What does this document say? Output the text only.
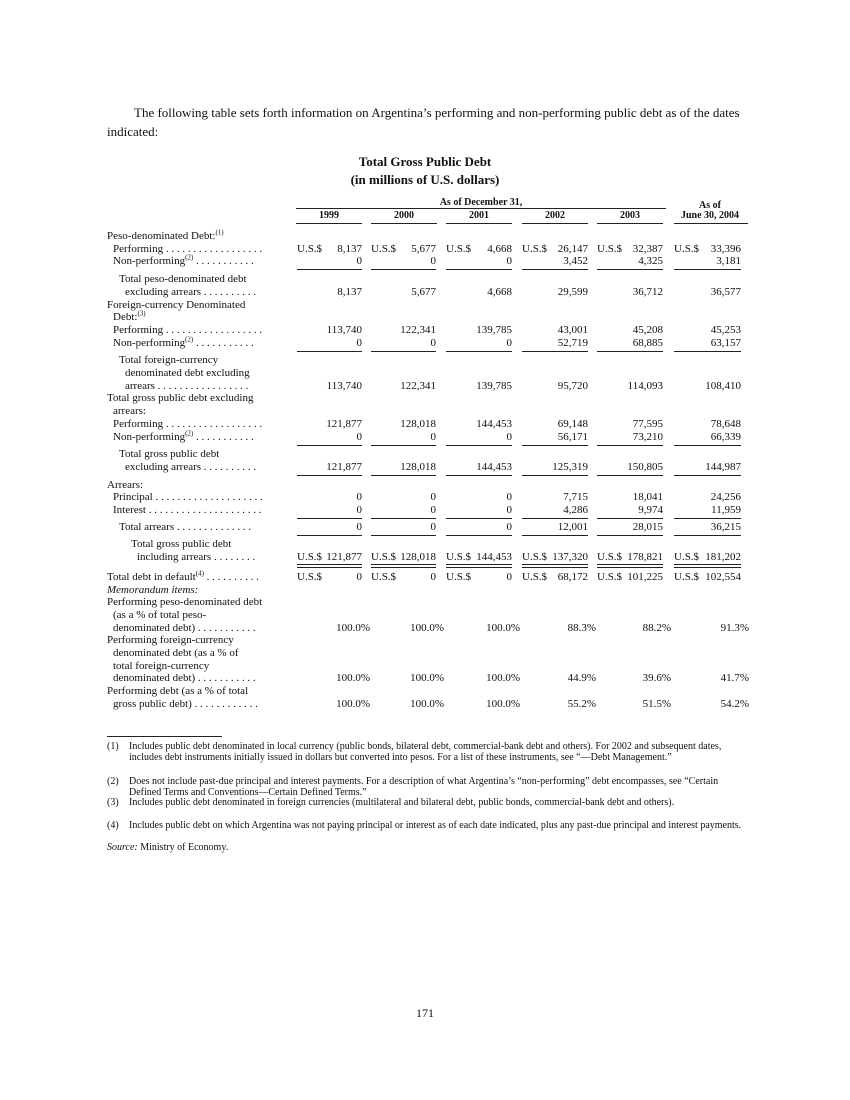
The following table sets forth information on Argentina’s performing and non-performing public debt as of the dates indicated:

Total Gross Public Debt
(in millions of U.S. dollars)
As of December 31,	As of
1999	2000	2001	2002	2003	June 30, 2004
Peso-denominated Debt:$^{(1)}$
Performing . . . . . . . . . . . . . . . . . .	U.S.$ 8,137 U.S.$ 5,677 U.S.$ 4,668 U.S.$ 26,147 U.S.$ 32,387 U.S.$ 33,396
Non-performing$^{(2)}$ . . . . . . . . . . .	0	0	0	3,452	4,325	3,181
Total peso-denominated debt
excluding arrears . . . . . . . . . .	8,137	5,677	4,668	29,599	36,712	36,577
Foreign-currency Denominated
Debt:$^{(3)}$
Performing . . . . . . . . . . . . . . . . . .	113,740	122,341	139,785	43,001	45,208	45,253
Non-performing$^{(2)}$ . . . . . . . . . . .	0	0	0	52,719	68,885	63,157
Total foreign-currency
denominated debt excluding
arrears . . . . . . . . . . . . . . . . .	113,740	122,341	139,785	95,720	114,093	108,410
Total gross public debt excluding
arrears:
Performing . . . . . . . . . . . . . . . . . .	121,877	128,018	144,453	69,148	77,595	78,648
Non-performing$^{(2)}$ . . . . . . . . . . .	0	0	0	56,171	73,210	66,339
Total gross public debt
excluding arrears . . . . . . . . . .	121,877	128,018	144,453	125,319	150,805	144,987
Arrears:
Principal . . . . . . . . . . . . . . . . . . . .	0	0	0	7,715	18,041	24,256
Interest . . . . . . . . . . . . . . . . . . . . .	0	0	0	4,286	9,974	11,959
Total arrears . . . . . . . . . . . . . .	0	0	0	12,001	28,015	36,215
Total gross public debt
including arrears . . . . . . . .	U.S.$ 121,877 U.S.$ 128,018 U.S.$ 144,453 U.S.$ 137,320 U.S.$ 178,821 U.S.$ 181,202
Total debt in default$^{(4)}$ . . . . . . . . . .	U.S.$	0 U.S.$	0 U.S.$	0 U.S.$ 68,172 U.S.$ 101,225 U.S.$ 102,554
Memorandum items:
Performing peso-denominated debt
(as a % of total peso-
denominated debt) . . . . . . . . . . .	100.0%	100.0%	100.0%	88.3%	88.2%	91.3%
Performing foreign-currency
denominated debt (as a % of
total foreign-currency
denominated debt) . . . . . . . . . . .	100.0%	100.0%	100.0%	44.9%	39.6%	41.7%
Performing debt (as a % of total
gross public debt) . . . . . . . . . . . .	100.0%	100.0%	100.0%	55.2%	51.5%	54.2%
(1)	Includes public debt denominated in local currency (public bonds, bilateral debt, commercial-bank debt and others). For 2002 and subsequent dates, includes debt instruments initially issued in dollars but converted into pesos. For a list of these instruments, see “—Debt Management.”
(2)	Does not include past-due principal and interest payments. For a description of what Argentina’s “non-performing” debt encompasses, see “Certain Defined Terms and Conventions—Certain Defined Terms.”
(3)	Includes public debt denominated in foreign currencies (multilateral and bilateral debt, public bonds, commercial-bank debt and others).
(4)	Includes public debt on which Argentina was not paying principal or interest as of each date indicated, plus any past-due principal and interest payments.
Source: Ministry of Economy.
171
